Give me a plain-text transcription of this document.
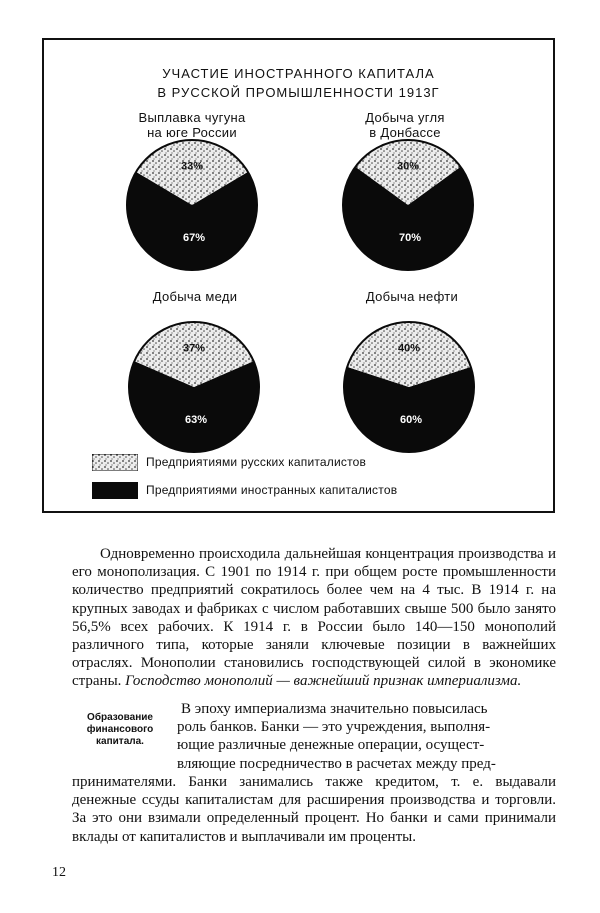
УЧАСТИЕ ИНОСТРАННОГО КАПИТАЛА

В РУССКОЙ ПРОМЫШЛЕННОСТИ 1913Г

Выплавка чугуна
на юге России
Добыча угля
в Донбассе
Добыча меди	Добыча нефти
33%
67%
30%
70%
37%
63%
40%
60%
Предприятиями русских капиталистов
Предприятиями иностранных капиталистов

Одновременно происходила дальнейшая концентрация производства и его монополизация. С 1901 по 1914 г. при общем росте промышленности количество предприятий сократилось более чем на 4 тыс. В 1914 г. на крупных заводах и фабриках с числом работавших свыше 500 было занято 56,5% всех рабочих. К 1914 г. в России было 140—150 монополий различного типа, которые заняли ключевые позиции в важнейших отраслях. Монополии становились господствующей силой в экономике страны. Господство монополий — важнейший признак империализма.

Образование финансового капитала.

В эпоху империализма значительно повысилась
роль банков. Банки — это учреждения, выполня-
ющие различные денежные операции, осущест-
вляющие посредничество в расчетах между пред-

принимателями. Банки занимались также кредитом, т. е. выдавали денежные ссуды капиталистам для расширения производства и торговли. За это они взимали определенный процент. Но банки и сами принимали вклады от капиталистов и выплачивали им проценты.

12
